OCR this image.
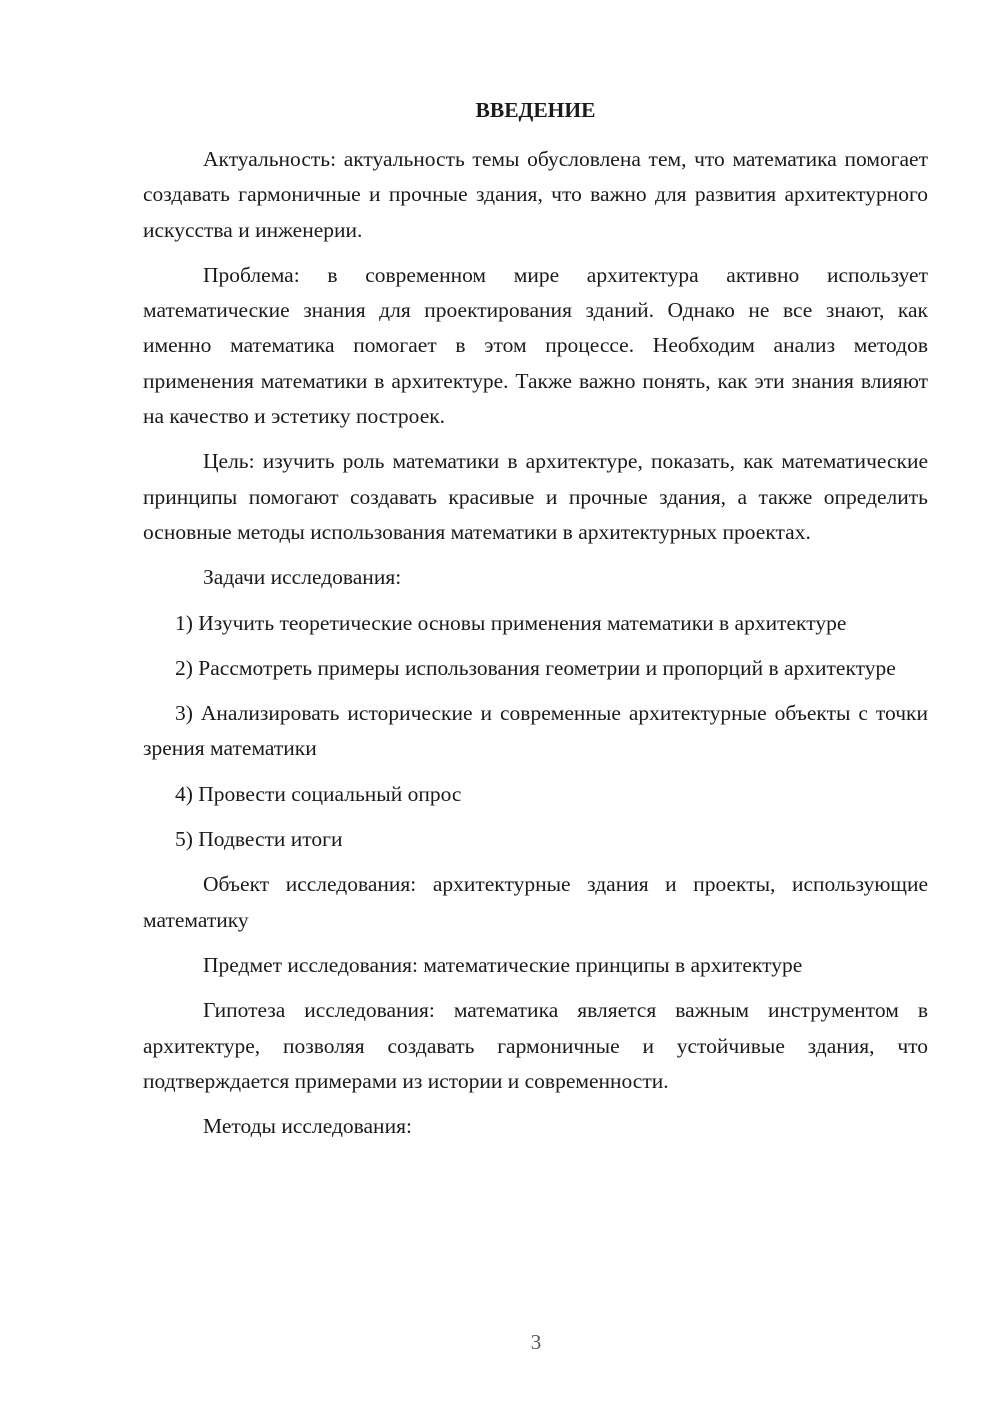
ВВЕДЕНИЕ

Актуальность: актуальность темы обусловлена тем, что математика помогает создавать гармоничные и прочные здания, что важно для развития архитектурного искусства и инженерии.

Проблема: в современном мире архитектура активно использует математические знания для проектирования зданий. Однако не все знают, как именно математика помогает в этом процессе. Необходим анализ методов применения математики в архитектуре. Также важно понять, как эти знания влияют на качество и эстетику построек.

Цель: изучить роль математики в архитектуре, показать, как математические принципы помогают создавать красивые и прочные здания, а также определить основные методы использования математики в архитектурных проектах.

Задачи исследования:

1) Изучить теоретические основы применения математики в архитектуре

2) Рассмотреть примеры использования геометрии и пропорций в архитектуре

3) Анализировать исторические и современные архитектурные объекты с точки зрения математики

4) Провести социальный опрос

5) Подвести итоги

Объект исследования: архитектурные здания и проекты, использующие математику

Предмет исследования: математические принципы в архитектуре

Гипотеза исследования: математика является важным инструментом в архитектуре, позволяя создавать гармоничные и устойчивые здания, что подтверждается примерами из истории и современности.

Методы исследования:

3
